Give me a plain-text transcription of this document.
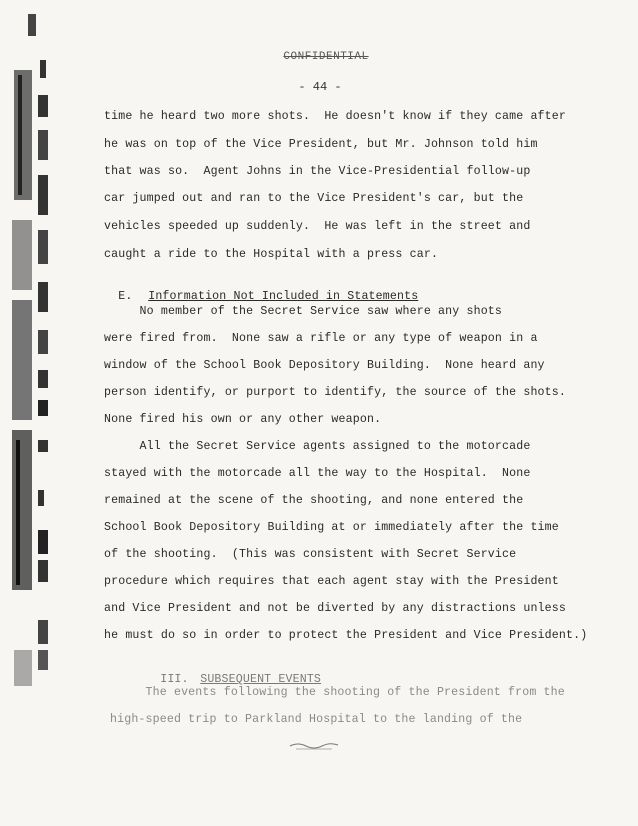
CONFIDENTIAL
- 44 -
time he heard two more shots.  He doesn't know if they came after
he was on top of the Vice President, but Mr. Johnson told him
that was so.  Agent Johns in the Vice-Presidential follow-up
car jumped out and ran to the Vice President's car, but the
vehicles speeded up suddenly.  He was left in the street and
caught a ride to the Hospital with a press car.

E. Information Not Included in Statements

No member of the Secret Service saw where any shots
were fired from.  None saw a rifle or any type of weapon in a
window of the School Book Depository Building.  None heard any
person identify, or purport to identify, the source of the shots.
None fired his own or any other weapon.
All the Secret Service agents assigned to the motorcade
stayed with the motorcade all the way to the Hospital.  None
remained at the scene of the shooting, and none entered the
School Book Depository Building at or immediately after the time
of the shooting.  (This was consistent with Secret Service
procedure which requires that each agent stay with the President
and Vice President and not be diverted by any distractions unless
he must do so in order to protect the President and Vice President.)

III. SUBSEQUENT EVENTS

The events following the shooting of the President from the
high-speed trip to Parkland Hospital to the landing of the
